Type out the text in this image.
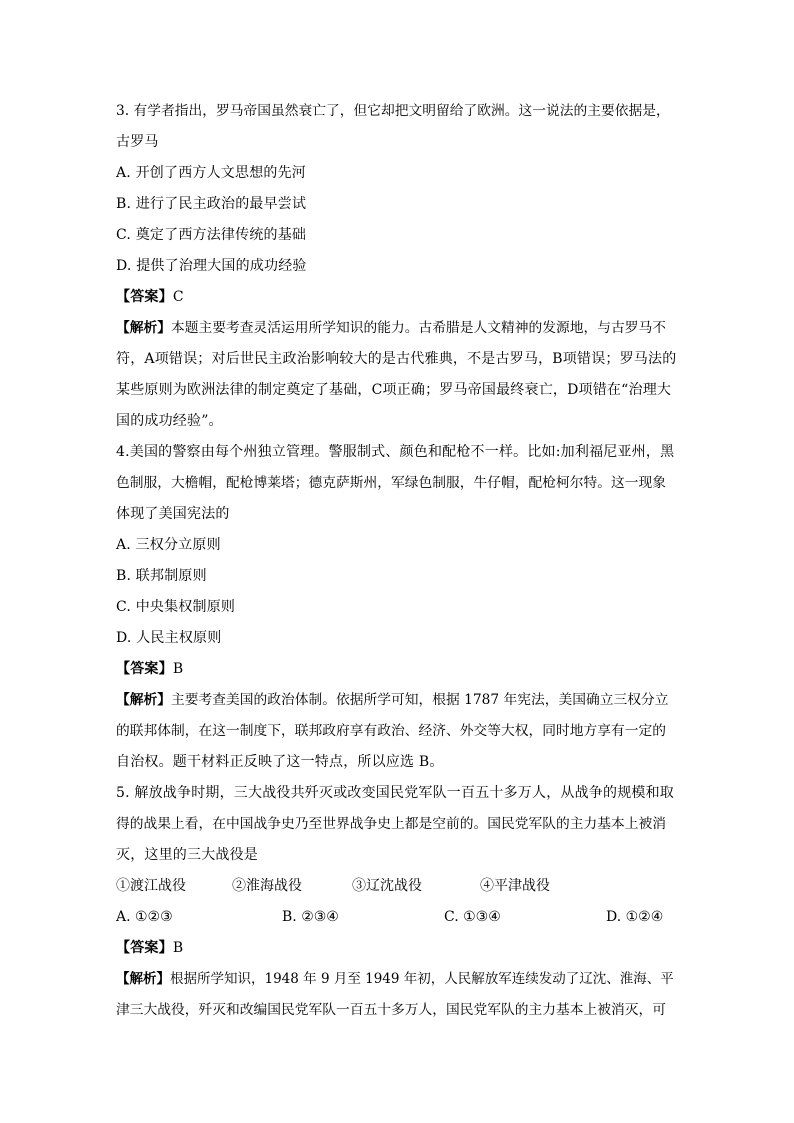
3. 有学者指出，罗马帝国虽然衰亡了，但它却把文明留给了欧洲。这一说法的主要依据是，
古罗马
A. 开创了西方人文思想的先河
B. 进行了民主政治的最早尝试
C. 奠定了西方法律传统的基础
D. 提供了治理大国的成功经验
【答案】C
【解析】本题主要考查灵活运用所学知识的能力。古希腊是人文精神的发源地，与古罗马不
符，A项错误；对后世民主政治影响较大的是古代雅典，不是古罗马，B项错误；罗马法的
某些原则为欧洲法律的制定奠定了基础，C项正确；罗马帝国最终衰亡，D项错在“治理大
国的成功经验”。
4.美国的警察由每个州独立管理。警服制式、颜色和配枪不一样。比如:加利福尼亚州，黑
色制服，大檐帽，配枪博莱塔；德克萨斯州，军绿色制服，牛仔帽，配枪柯尔特。这一现象
体现了美国宪法的
A. 三权分立原则
B. 联邦制原则
C. 中央集权制原则
D. 人民主权原则
【答案】B
【解析】主要考查美国的政治体制。依据所学可知，根据 1787 年宪法，美国确立三权分立
的联邦体制，在这一制度下，联邦政府享有政治、经济、外交等大权，同时地方享有一定的
自治权。题干材料正反映了这一特点，所以应选 B。
5. 解放战争时期，三大战役共歼灭或改变国民党军队一百五十多万人，从战争的规模和取
得的战果上看，在中国战争史乃至世界战争史上都是空前的。国民党军队的主力基本上被消
灭，这里的三大战役是
①渡江战役	②淮海战役	③辽沈战役	④平津战役
A. ①②③	B. ②③④	C. ①③④	D. ①②④
【答案】B
【解析】根据所学知识，1948 年 9 月至 1949 年初，人民解放军连续发动了辽沈、淮海、平
津三大战役，歼灭和改编国民党军队一百五十多万人，国民党军队的主力基本上被消灭，可
